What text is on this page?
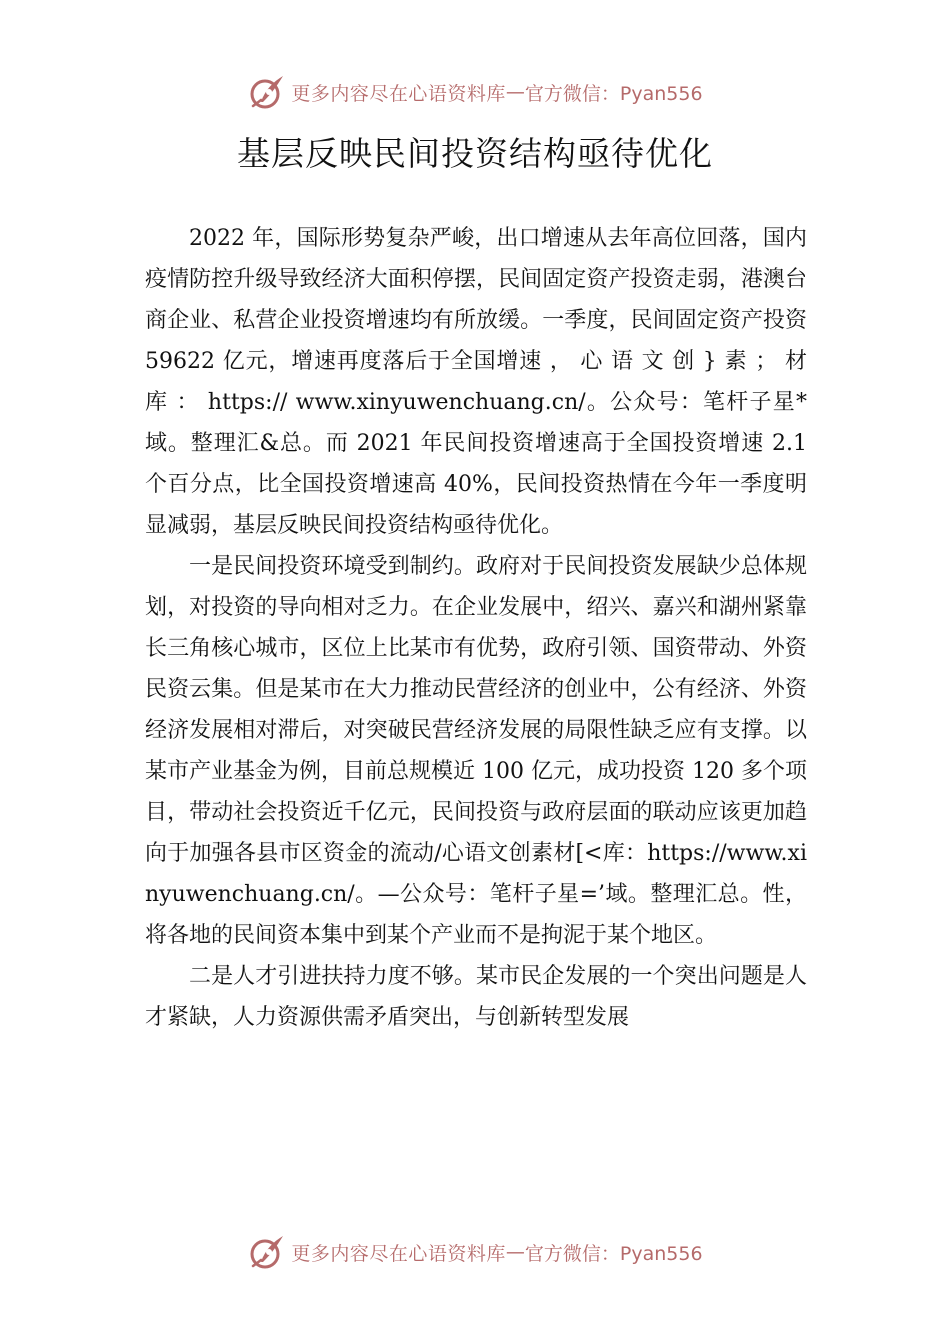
更多内容尽在心语资料库 — 官方微信：Pyan556
基层反映民间投资结构亟待优化

2022 年，国际形势复杂严峻，出口增速从去年高位回落，国内疫情防控升级导致经济大面积停摆，民间固定资产投资走弱，港澳台商企业、私营企业投资增速均有所放缓。一季度，民间固定资产投资 59622 亿元，增速再度落后于全国增速 ， 心 语 文 创 } 素 ； 材 库 ： https:// www.xinyuwenchuang.cn/。公众号：笔杆子星*域。整理汇&总。而 2021 年民间投资增速高于全国投资增速 2.1 个百分点，比全国投资增速高 40%，民间投资热情在今年一季度明显减弱，基层反映民间投资结构亟待优化。

一是民间投资环境受到制约。政府对于民间投资发展缺少总体规划，对投资的导向相对乏力。在企业发展中，绍兴、嘉兴和湖州紧靠长三角核心城市，区位上比某市有优势，政府引领、国资带动、外资民资云集。但是某市在大力推动民营经济的创业中，公有经济、外资经济发展相对滞后，对突破民营经济发展的局限性缺乏应有支撑。以某市产业基金为例，目前总规模近 100 亿元，成功投资 120 多个项目，带动社会投资近千亿元，民间投资与政府层面的联动应该更加趋向于加强各县市区资金的流动/心语文创素材[<库：https://www.xinyuwenchuang.cn/。—公众号：笔杆子星=’域。整理汇总。性，将各地的民间资本集中到某个产业而不是拘泥于某个地区。

二是人才引进扶持力度不够。某市民企发展的一个突出问题是人才紧缺，人力资源供需矛盾突出，与创新转型发展

更多内容尽在心语资料库 — 官方微信：Pyan556
